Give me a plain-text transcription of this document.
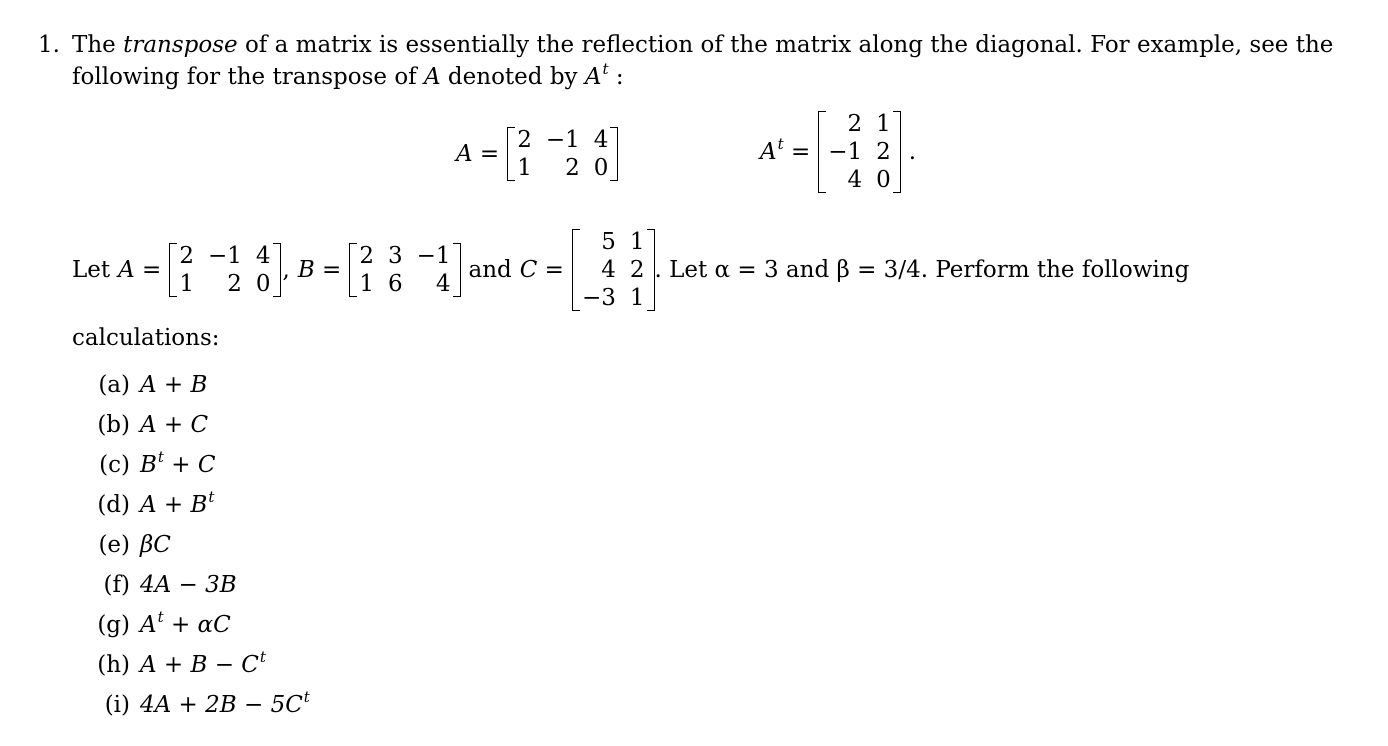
1. The transpose of a matrix is essentially the reflection of the matrix along the diagonal. For example, see the
following for the transpose of A denoted by $A^t$ :
A =
2 −1 4
1	2 0
$A^t$ =
2 1
−1 2
4 0
.
Let A =
2 −1 4
1	2 0
, B =
2 3 −1
1 6	4
and C =
5 1
4 2
−3 1
. Let α = 3 and β = 3/4. Perform the following
calculations:
(a) A + B
(b) A + C
(c) $B^t + C$
(d) $A + B^t$
(e) βC
(f) 4A − 3B
(g) $A^t + \alpha C$
(h) $A + B - C^t$
(i) $4A + 2B - 5C^t$
